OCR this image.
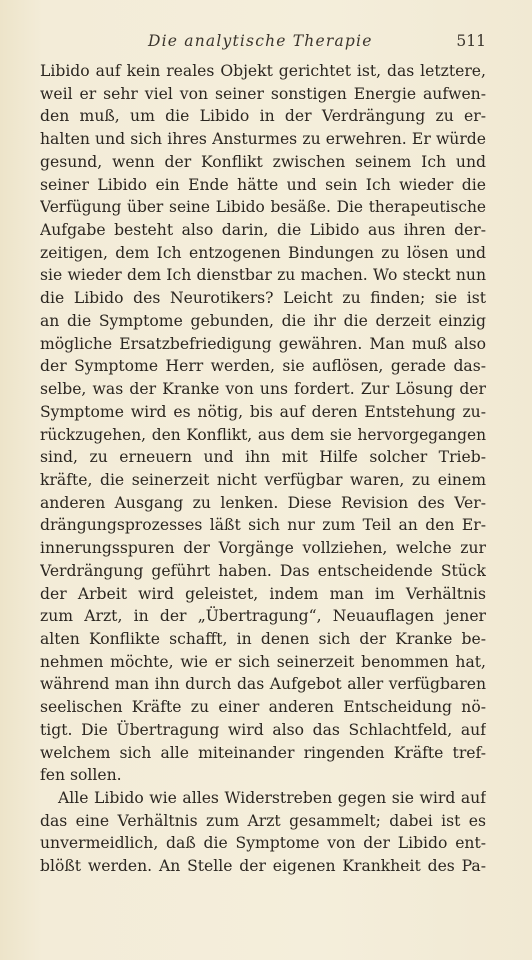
Die analytische Therapie	511
Libido auf kein reales Objekt gerichtet ist, das letztere,
weil er sehr viel von seiner sonstigen Energie aufwen-
den muß, um die Libido in der Verdrängung zu er-
halten und sich ihres Ansturmes zu erwehren. Er würde
gesund, wenn der Konflikt zwischen seinem Ich und
seiner Libido ein Ende hätte und sein Ich wieder die
Verfügung über seine Libido besäße. Die therapeutische
Aufgabe besteht also darin, die Libido aus ihren der-
zeitigen, dem Ich entzogenen Bindungen zu lösen und
sie wieder dem Ich dienstbar zu machen. Wo steckt nun
die Libido des Neurotikers? Leicht zu finden; sie ist
an die Symptome gebunden, die ihr die derzeit einzig
mögliche Ersatzbefriedigung gewähren. Man muß also
der Symptome Herr werden, sie auflösen, gerade das-
selbe, was der Kranke von uns fordert. Zur Lösung der
Symptome wird es nötig, bis auf deren Entstehung zu-
rückzugehen, den Konflikt, aus dem sie hervorgegangen
sind, zu erneuern und ihn mit Hilfe solcher Trieb-
kräfte, die seinerzeit nicht verfügbar waren, zu einem
anderen Ausgang zu lenken. Diese Revision des Ver-
drängungsprozesses läßt sich nur zum Teil an den Er-
innerungsspuren der Vorgänge vollziehen, welche zur
Verdrängung geführt haben. Das entscheidende Stück
der Arbeit wird geleistet, indem man im Verhältnis
zum Arzt, in der „Übertragung“, Neuauflagen jener
alten Konflikte schafft, in denen sich der Kranke be-
nehmen möchte, wie er sich seinerzeit benommen hat,
während man ihn durch das Aufgebot aller verfügbaren
seelischen Kräfte zu einer anderen Entscheidung nö-
tigt. Die Übertragung wird also das Schlachtfeld, auf
welchem sich alle miteinander ringenden Kräfte tref-
fen sollen.
Alle Libido wie alles Widerstreben gegen sie wird auf
das eine Verhältnis zum Arzt gesammelt; dabei ist es
unvermeidlich, daß die Symptome von der Libido ent-
blößt werden. An Stelle der eigenen Krankheit des Pa-
